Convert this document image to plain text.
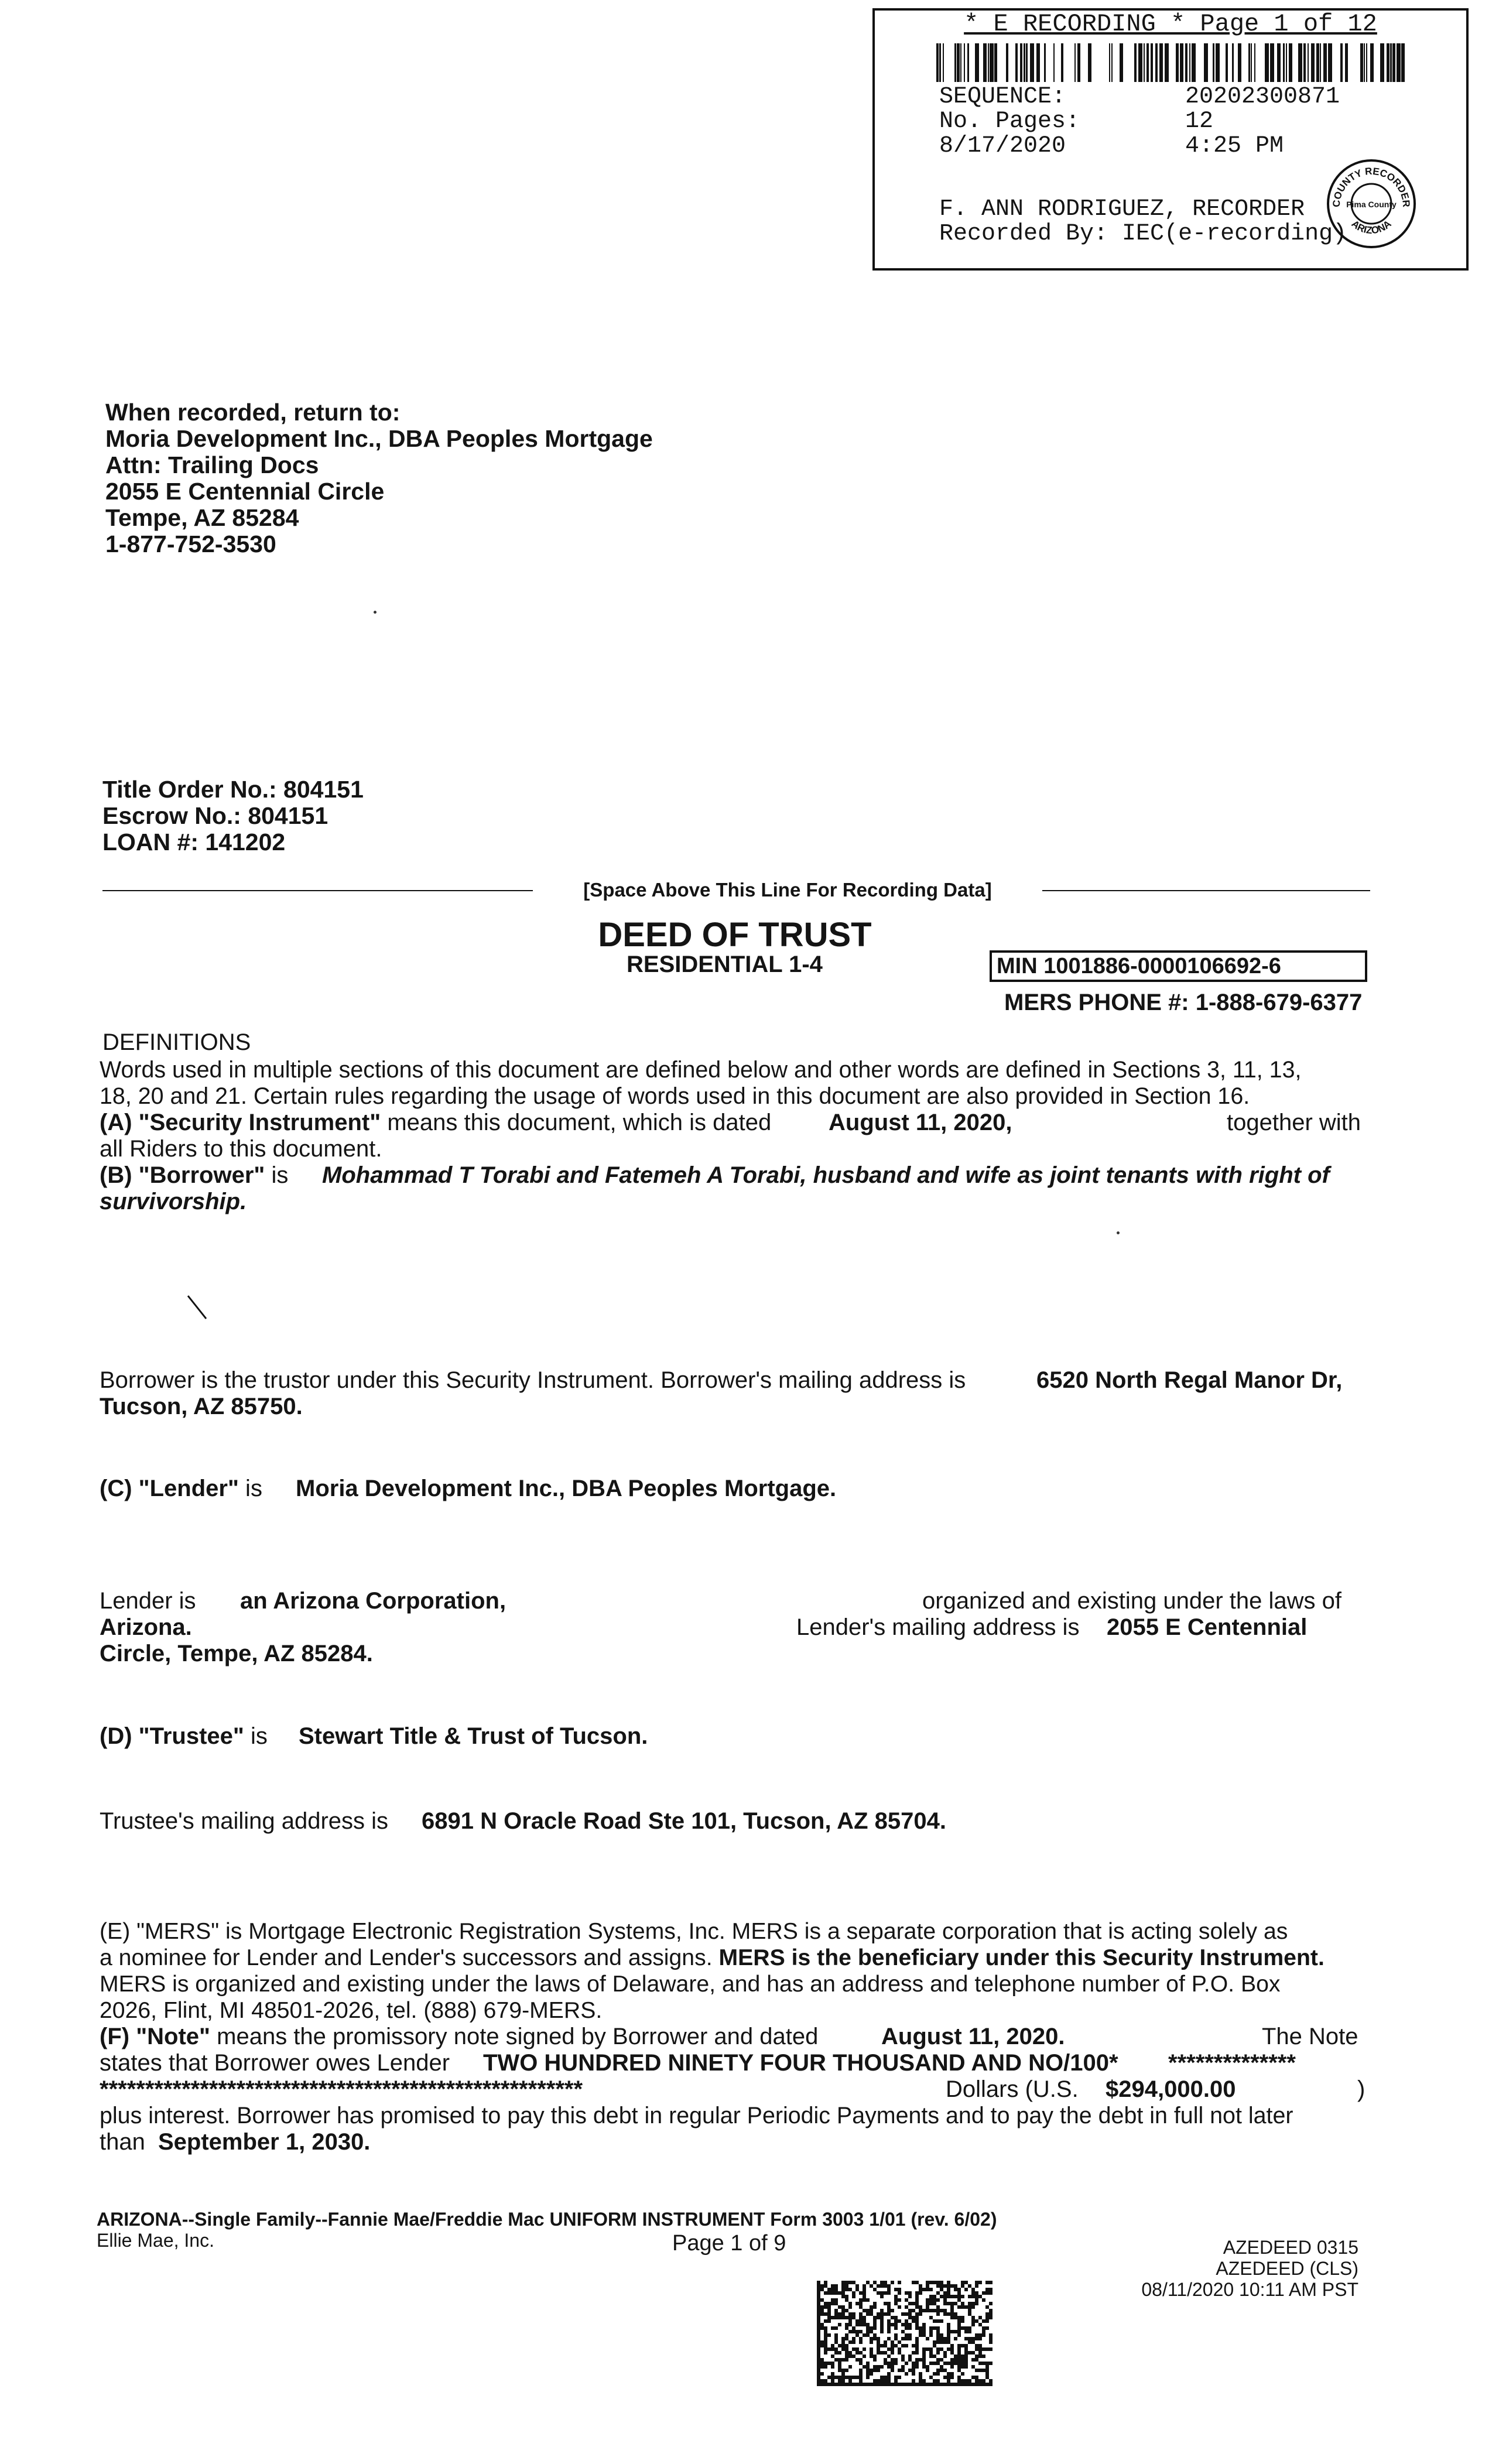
* E RECORDING * Page 1 of 12
SEQUENCE:	20202300871
No. Pages:	12
8/17/2020	4:25 PM
F. ANN RODRIGUEZ, RECORDER
Recorded By: IEC(e-recording)
COUNTY RECORDER
Pima County
ARIZONA
When recorded, return to:
Moria Development Inc., DBA Peoples Mortgage
Attn: Trailing Docs
2055 E Centennial Circle
Tempe, AZ 85284
1-877-752-3530
Title Order No.: 804151
Escrow No.: 804151
LOAN #: 141202
[Space Above This Line For Recording Data]
DEED OF TRUST
RESIDENTIAL 1-4	MIN 1001886-0000106692-6
MERS PHONE #: 1-888-679-6377
DEFINITIONS
Words used in multiple sections of this document are defined below and other words are defined in Sections 3, 11, 13,
18, 20 and 21. Certain rules regarding the usage of words used in this document are also provided in Section 16.
(A) "Security Instrument" means this document, which is dated August 11, 2020,	together with
all Riders to this document.
(B) "Borrower" is Mohammad T Torabi and Fatemeh A Torabi, husband and wife as joint tenants with right of
survivorship.
Borrower is the trustor under this Security Instrument. Borrower's mailing address is	6520 North Regal Manor Dr,
Tucson, AZ 85750.
(C) "Lender" is Moria Development Inc., DBA Peoples Mortgage.
Lender is an Arizona Corporation,	organized and existing under the laws of
Arizona.	Lender's mailing address is 2055 E Centennial
Circle, Tempe, AZ 85284.
(D) "Trustee" is Stewart Title & Trust of Tucson.
Trustee's mailing address is 6891 N Oracle Road Ste 101, Tucson, AZ 85704.
(E) "MERS" is Mortgage Electronic Registration Systems, Inc. MERS is a separate corporation that is acting solely as
a nominee for Lender and Lender's successors and assigns. MERS is the beneficiary under this Security Instrument.
MERS is organized and existing under the laws of Delaware, and has an address and telephone number of P.O. Box
2026, Flint, MI 48501-2026, tel. (888) 679-MERS.
(F) "Note" means the promissory note signed by Borrower and dated	August 11, 2020.	The Note
states that Borrower owes Lender TWO HUNDRED NINETY FOUR THOUSAND AND NO/100* **************
*****************************************************	Dollars (U.S. $294,000.00	)
plus interest. Borrower has promised to pay this debt in regular Periodic Payments and to pay the debt in full not later
than September 1, 2030.
ARIZONA--Single Family--Fannie Mae/Freddie Mac UNIFORM INSTRUMENT Form 3003 1/01 (rev. 6/02)
Ellie Mae, Inc.	Page 1 of 9	AZEDEED 0315
AZEDEED (CLS)
08/11/2020 10:11 AM PST
